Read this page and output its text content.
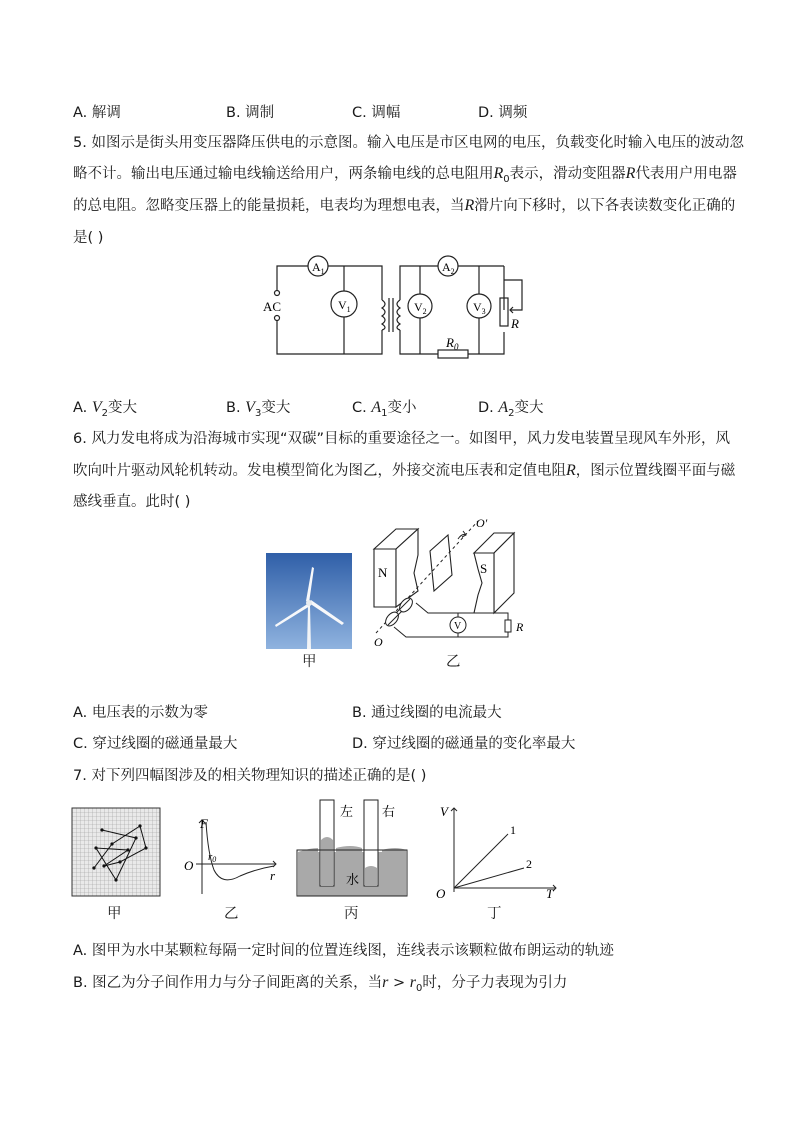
A. 解调	B. 调制	C. 调幅	D. 调频
5. 如图示是街头用变压器降压供电的示意图。输入电压是市区电网的电压，负载变化时输入电压的波动忽
略不计。输出电压通过输电线输送给用户，两条输电线的总电阻用$R_0$表示，滑动变阻器R代表用户用电器
的总电阻。忽略变压器上的能量损耗，电表均为理想电表，当R滑片向下移时，以下各表读数变化正确的
是( )
AC
$A_1$	$A_2$
$V_1$	$V_2$	$V_3$
R
$R_0$
A. $V_2$变大	B. $V_3$变大	C. $A_1$变小	D. $A_2$变大
6. 风力发电将成为沿海城市实现“双碳”目标的重要途径之一。如图甲，风力发电装置呈现风车外形，风
吹向叶片驱动风轮机转动。发电模型简化为图乙，外接交流电压表和定值电阻R，图示位置线圈平面与磁
感线垂直。此时( )
甲
N	S
O
O′
V	R
乙
A. 电压表的示数为零	B. 通过线圈的电流最大
C. 穿过线圈的磁通量最大	D. 穿过线圈的磁通量的变化率最大
7. 对下列四幅图涉及的相关物理知识的描述正确的是( )
甲
F
O
r0
r
乙
左 右
水
丙
V
O	T
1
2
丁
A. 图甲为水中某颗粒每隔一定时间的位置连线图，连线表示该颗粒做布朗运动的轨迹
B. 图乙为分子间作用力与分子间距离的关系，当$r > r_0$时，分子力表现为引力
